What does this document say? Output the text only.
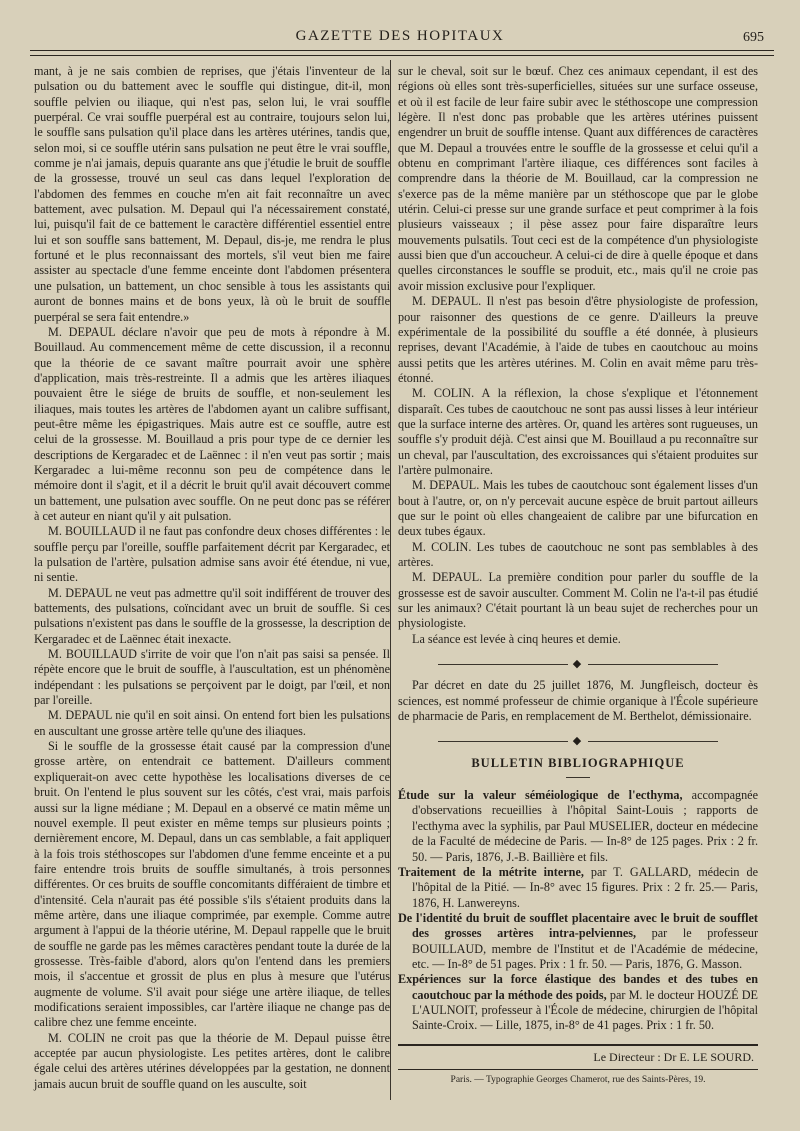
GAZETTE DES HOPITAUX	695

mant, à je ne sais combien de reprises, que j'étais l'inventeur de la pulsation ou du battement avec le souffle qui distingue, dit-il, mon souffle pelvien ou iliaque, qui n'est pas, selon lui, le vrai souffle puerpéral. Ce vrai souffle puerpéral est au contraire, toujours selon lui, le souffle sans pulsation qu'il place dans les artères utérines, tandis que, selon moi, si ce souffle utérin sans pulsation ne peut être le vrai souffle, comme je n'ai jamais, depuis quarante ans que j'étudie le bruit de souffle de la grossesse, trouvé un seul cas dans lequel l'exploration de l'abdomen des femmes en couche m'en ait fait reconnaître un avec battement, avec pulsation. M. Depaul qui l'a nécessairement constaté, lui, puisqu'il fait de ce battement le caractère différentiel essentiel entre lui et son souffle sans battement, M. Depaul, dis-je, me rendra le plus fortuné et le plus reconnaissant des mortels, s'il veut bien me faire assister au spectacle d'une femme enceinte dont l'abdomen présentera une pulsation, un battement, un choc sensible à tous les assistants qui auront de bonnes mains et de bons yeux, là où le bruit de souffle puerpéral se sera fait entendre.»

M. DEPAUL déclare n'avoir que peu de mots à répondre à M. Bouillaud. Au commencement même de cette discussion, il a reconnu que la théorie de ce savant maître pourrait avoir une sphère d'application, mais très-restreinte. Il a admis que les artères iliaques pouvaient être le siége de bruits de souffle, et non-seulement les iliaques, mais toutes les artères de l'abdomen ayant un calibre suffisant, peut-être même les épigastriques. Mais autre est ce souffle, autre est celui de la grossesse. M. Bouillaud a pris pour type de ce dernier les descriptions de Kergaradec et de Laënnec : il n'en veut pas sortir ; mais Kergaradec a lui-même reconnu son peu de compétence dans le mémoire dont il s'agit, et il a décrit le bruit qu'il avait découvert comme un battement, une pulsation avec souffle. On ne peut donc pas se référer à cet auteur en niant qu'il y ait pulsation.

M. BOUILLAUD il ne faut pas confondre deux choses différentes : le souffle perçu par l'oreille, souffle parfaitement décrit par Kergaradec, et la pulsation de l'artère, pulsation admise sans avoir été étendue, ni vue, ni sentie.

M. DEPAUL ne veut pas admettre qu'il soit indifférent de trouver des battements, des pulsations, coïncidant avec un bruit de souffle. Si ces pulsations n'existent pas dans le souffle de la grossesse, la description de Kergaradec et de Laënnec était inexacte.

M. BOUILLAUD s'irrite de voir que l'on n'ait pas saisi sa pensée. Il répète encore que le bruit de souffle, à l'auscultation, est un phénomène indépendant : les pulsations se perçoivent par le doigt, par l'œil, et non par l'oreille.

M. DEPAUL nie qu'il en soit ainsi. On entend fort bien les pulsations en auscultant une grosse artère telle qu'une des iliaques.

Si le souffle de la grossesse était causé par la compression d'une grosse artère, on entendrait ce battement. D'ailleurs comment expliquerait-on avec cette hypothèse les localisations diverses de ce bruit. On l'entend le plus souvent sur les côtés, c'est vrai, mais parfois aussi sur la ligne médiane ; M. Depaul en a observé ce matin même un nouvel exemple. Il peut exister en même temps sur plusieurs points ; dernièrement encore, M. Depaul, dans un cas semblable, a fait appliquer à la fois trois stéthoscopes sur l'abdomen d'une femme enceinte et a pu faire entendre trois bruits de souffle simultanés, à trois personnes différentes. Or ces bruits de souffle concomitants différaient de timbre et d'intensité. Cela n'aurait pas été possible s'ils s'étaient produits dans la même artère, dans une iliaque comprimée, par exemple. Comme autre argument à l'appui de la théorie utérine, M. Depaul rappelle que le bruit de souffle ne garde pas les mêmes caractères pendant toute la durée de la grossesse. Très-faible d'abord, alors qu'on l'entend dans les premiers mois, il s'accentue et grossit de plus en plus à mesure que l'utérus augmente de volume. S'il avait pour siége une artère iliaque, de telles modifications seraient impossibles, car l'artère iliaque ne change pas de calibre chez une femme enceinte.

M. COLIN ne croit pas que la théorie de M. Depaul puisse être acceptée par aucun physiologiste. Les petites artères, dont le calibre égale celui des artères utérines développées par la gestation, ne donnent jamais aucun bruit de souffle quand on les ausculte, soit

sur le cheval, soit sur le bœuf. Chez ces animaux cependant, il est des régions où elles sont très-superficielles, situées sur une surface osseuse, et où il est facile de leur faire subir avec le stéthoscope une compression légère. Il n'est donc pas probable que les artères utérines puissent engendrer un bruit de souffle intense. Quant aux différences de caractères que M. Depaul a trouvées entre le souffle de la grossesse et celui qu'il a obtenu en comprimant l'artère iliaque, ces différences sont faciles à comprendre dans la théorie de M. Bouillaud, car la compression ne s'exerce pas de la même manière par un stéthoscope que par le globe utérin. Celui-ci presse sur une grande surface et peut comprimer à la fois plusieurs vaisseaux ; il pèse assez pour faire disparaître leurs mouvements pulsatils. Tout ceci est de la compétence d'un physiologiste aussi bien que d'un accoucheur. A celui-ci de dire à quelle époque et dans quelles circonstances le souffle se produit, etc., mais qu'il ne croie pas avoir mission exclusive pour l'expliquer.

M. DEPAUL. Il n'est pas besoin d'être physiologiste de profession, pour raisonner des questions de ce genre. D'ailleurs la preuve expérimentale de la possibilité du souffle a été donnée, à plusieurs reprises, devant l'Académie, à l'aide de tubes en caoutchouc au moins aussi petits que les artères utérines. M. Colin en avait même paru très-étonné.

M. COLIN. A la réflexion, la chose s'explique et l'étonnement disparaît. Ces tubes de caoutchouc ne sont pas aussi lisses à leur intérieur que la surface interne des artères. Or, quand les artères sont rugueuses, un souffle s'y produit déjà. C'est ainsi que M. Bouillaud a pu reconnaître sur un cheval, par l'auscultation, des excroissances qui s'étaient produites sur l'artère pulmonaire.

M. DEPAUL. Mais les tubes de caoutchouc sont également lisses d'un bout à l'autre, or, on n'y percevait aucune espèce de bruit partout ailleurs que sur le point où elles changeaient de calibre par une bifurcation en deux tubes égaux.

M. COLIN. Les tubes de caoutchouc ne sont pas semblables à des artères.

M. DEPAUL. La première condition pour parler du souffle de la grossesse est de savoir ausculter. Comment M. Colin ne l'a-t-il pas étudié sur les animaux? C'était pourtant là un beau sujet de recherches pour un physiologiste.

La séance est levée à cinq heures et demie.

◆

Par décret en date du 25 juillet 1876, M. Jungfleisch, docteur ès sciences, est nommé professeur de chimie organique à l'École supérieure de pharmacie de Paris, en remplacement de M. Berthelot, démissionaire.

◆
BULLETIN BIBLIOGRAPHIQUE

Étude sur la valeur séméiologique de l'ecthyma, accompagnée d'observations recueillies à l'hôpital Saint-Louis ; rapports de l'ecthyma avec la syphilis, par Paul MUSELIER, docteur en médecine de la Faculté de médecine de Paris. — In-8° de 125 pages. Prix : 2 fr. 50. — Paris, 1876, J.-B. Baillière et fils.

Traitement de la métrite interne, par T. GALLARD, médecin de l'hôpital de la Pitié. — In-8° avec 15 figures. Prix : 2 fr. 25.— Paris, 1876, H. Lanwereyns.

De l'identité du bruit de soufflet placentaire avec le bruit de soufflet des grosses artères intra-pelviennes, par le professeur BOUILLAUD, membre de l'Institut et de l'Académie de médecine, etc. — In-8° de 51 pages. Prix : 1 fr. 50. — Paris, 1876, G. Masson.

Expériences sur la force élastique des bandes et des tubes en caoutchouc par la méthode des poids, par M. le docteur HOUZÉ DE L'AULNOIT, professeur à l'École de médecine, chirurgien de l'hôpital Sainte-Croix. — Lille, 1875, in-8° de 41 pages. Prix : 1 fr. 50.

Le Directeur : Dr E. LE SOURD.
Paris. — Typographie Georges Chamerot, rue des Saints-Pères, 19.
